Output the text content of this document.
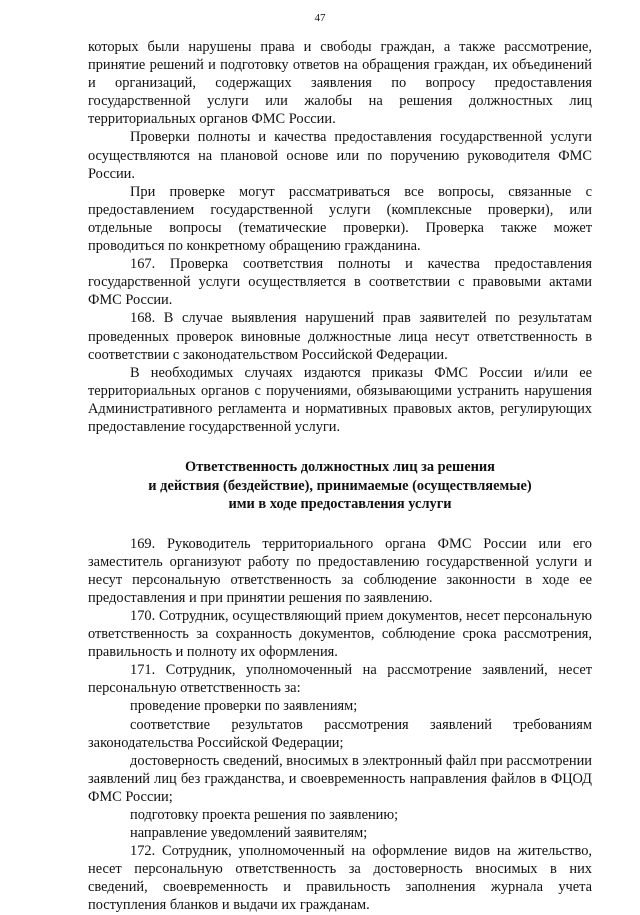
47

которых были нарушены права и свободы граждан, а также рассмотрение, принятие решений и подготовку ответов на обращения граждан, их объединений и организаций, содержащих заявления по вопросу предоставления государственной услуги или жалобы на решения должностных лиц территориальных органов ФМС России.

Проверки полноты и качества предоставления государственной услуги осуществляются на плановой основе или по поручению руководителя ФМС России.

При проверке могут рассматриваться все вопросы, связанные с предоставлением государственной услуги (комплексные проверки), или отдельные вопросы (тематические проверки). Проверка также может проводиться по конкретному обращению гражданина.

167. Проверка соответствия полноты и качества предоставления государственной услуги осуществляется в соответствии с правовыми актами ФМС России.

168. В случае выявления нарушений прав заявителей по результатам проведенных проверок виновные должностные лица несут ответственность в соответствии с законодательством Российской Федерации.

В необходимых случаях издаются приказы ФМС России и/или ее территориальных органов с поручениями, обязывающими устранить нарушения Административного регламента и нормативных правовых актов, регулирующих предоставление государственной услуги.

Ответственность должностных лиц за решения
и действия (бездействие), принимаемые (осуществляемые)
ими в ходе предоставления услуги

169. Руководитель территориального органа ФМС России или его заместитель организуют работу по предоставлению государственной услуги и несут персональную ответственность за соблюдение законности в ходе ее предоставления и при принятии решения по заявлению.

170. Сотрудник, осуществляющий прием документов, несет персональную ответственность за сохранность документов, соблюдение срока рассмотрения, правильность и полноту их оформления.

171. Сотрудник, уполномоченный на рассмотрение заявлений, несет персональную ответственность за:

проведение проверки по заявлениям;

соответствие результатов рассмотрения заявлений требованиям законодательства Российской Федерации;

достоверность сведений, вносимых в электронный файл при рассмотрении заявлений лиц без гражданства, и своевременность направления файлов в ФЦОД ФМС России;

подготовку проекта решения по заявлению;

направление уведомлений заявителям;

172. Сотрудник, уполномоченный на оформление видов на жительство, несет персональную ответственность за достоверность вносимых в них сведений, своевременность и правильность заполнения журнала учета поступления бланков и выдачи их гражданам.
